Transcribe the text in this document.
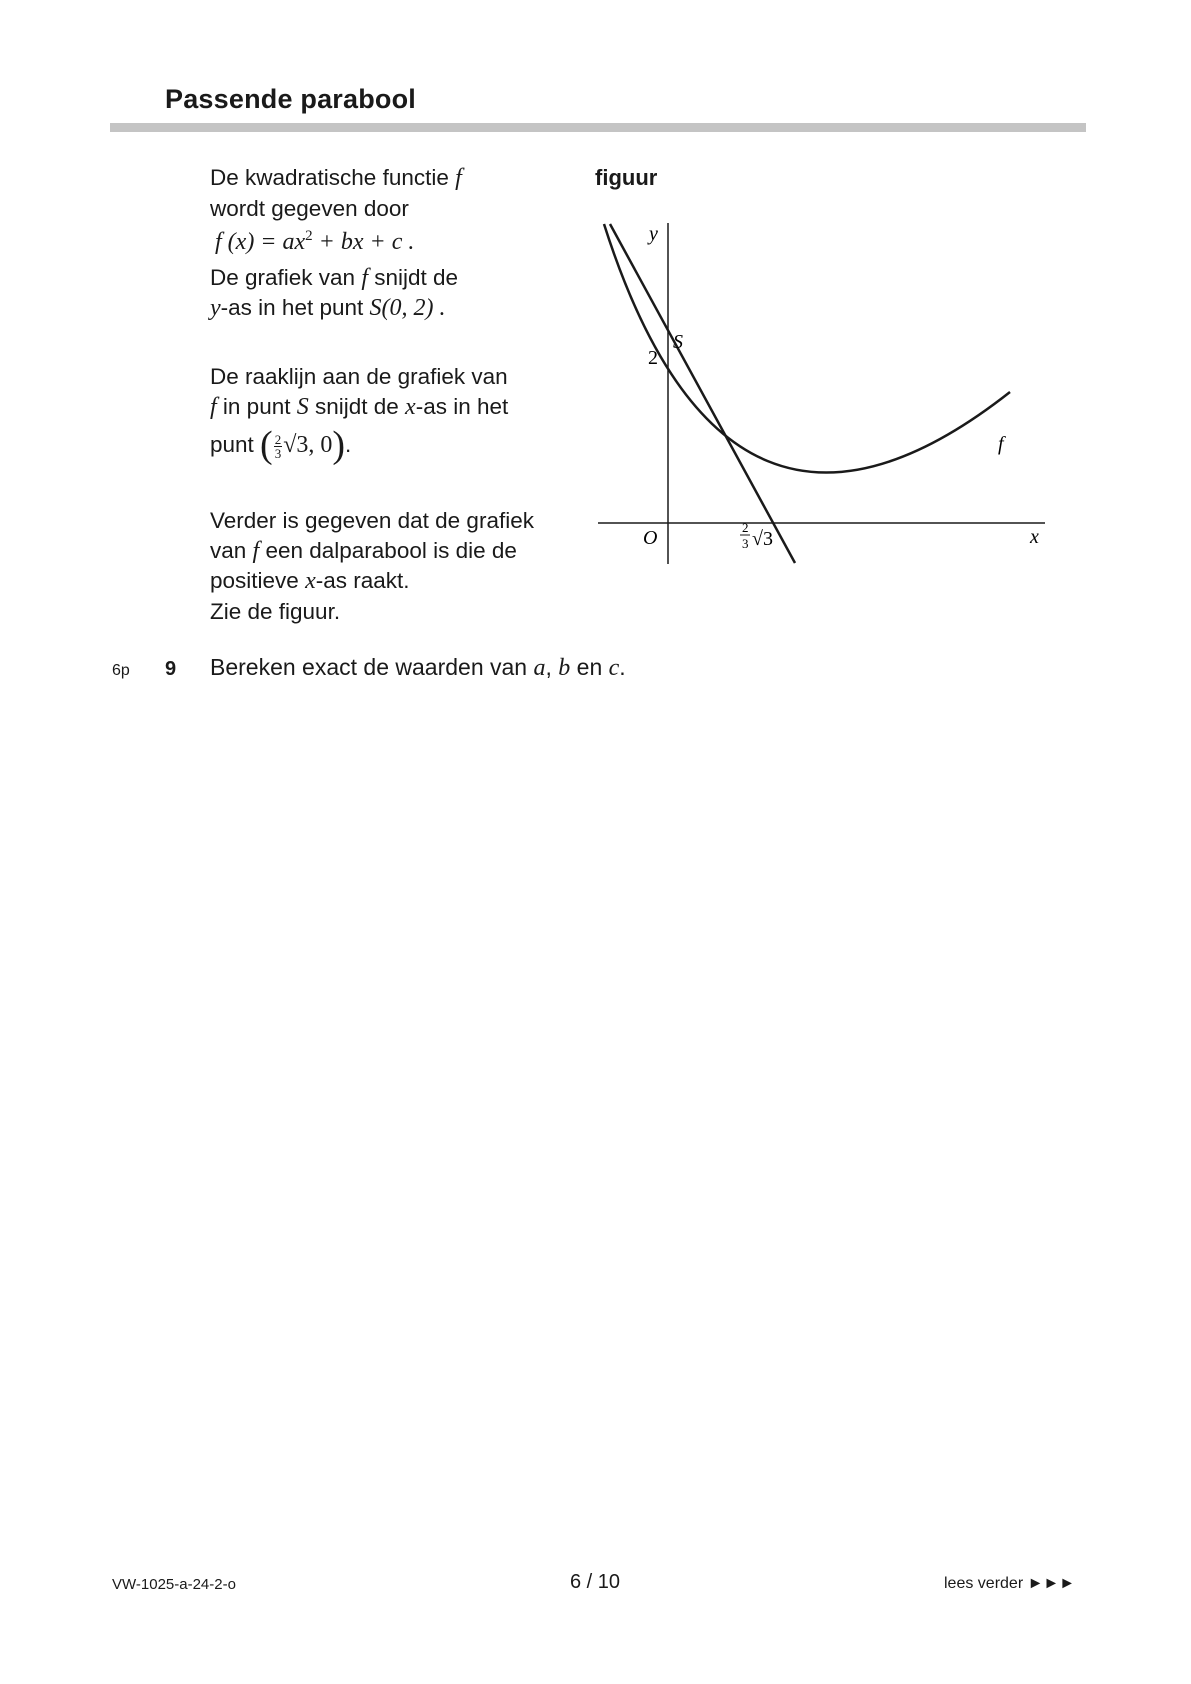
Passende parabool
De kwadratische functie f
wordt gegeven door
f $(x) = ax^2$ + bx + c .
De grafiek van f snijdt de
y-as in het punt S(0, 2) .
De raaklijn aan de grafiek van
f in punt S snijdt de x-as in het
punt ( $\frac{2}{3} √3$, 0).
Verder is gegeven dat de grafiek
van f een dalparabool is die de
positieve x-as raakt.
Zie de figuur.
figuur
y
x
O
2
S
f
2
3 √3
6p 9 Bereken exact de waarden van a, b en c.
VW-1025-a-24-2-o	6 / 10	lees verder ►►►
